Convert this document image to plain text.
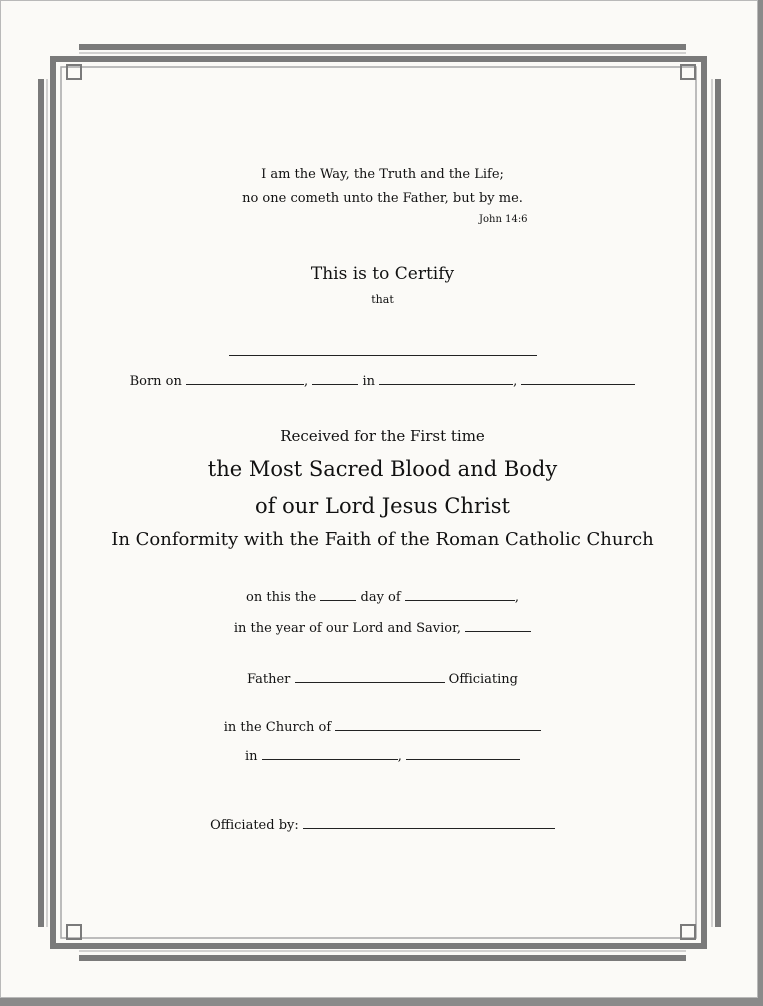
I am the Way, the Truth and the Life;
no one cometh unto the Father, but by me.
John 14:6
This is to Certify
that
Born on	,	in	,
Received for the First time
the Most Sacred Blood and Body
of our Lord Jesus Christ
In Conformity with the Faith of the Roman Catholic Church
on this the	day of	,
in the year of our Lord and Savior,
Father	Officiating
in the Church of
in	,
Officiated by:
